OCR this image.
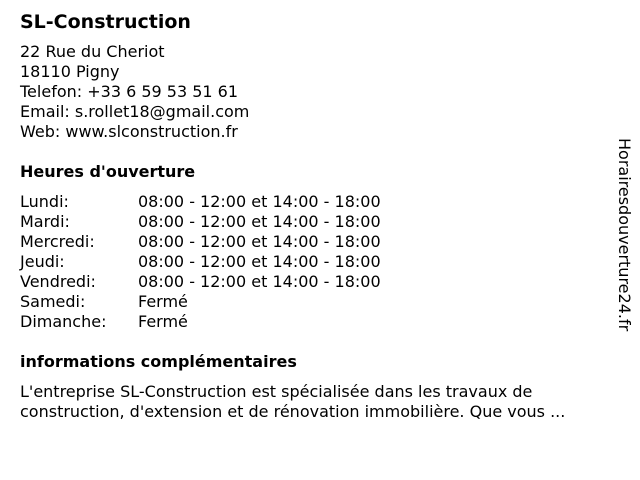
SL-Construction
22 Rue du Cheriot
18110 Pigny
Telefon: +33 6 59 53 51 61
Email: s.rollet18@gmail.com
Web: www.slconstruction.fr
Heures d'ouverture
Lundi:	08:00 - 12:00 et 14:00 - 18:00
Mardi:	08:00 - 12:00 et 14:00 - 18:00
Mercredi:	08:00 - 12:00 et 14:00 - 18:00
Jeudi:	08:00 - 12:00 et 14:00 - 18:00
Vendredi:	08:00 - 12:00 et 14:00 - 18:00
Samedi:	Fermé
Dimanche:	Fermé
informations complémentaires
L'entreprise SL-Construction est spécialisée dans les travaux de construction, d'extension et de rénovation immobilière. Que vous ...
Horairesdouverture24.fr
